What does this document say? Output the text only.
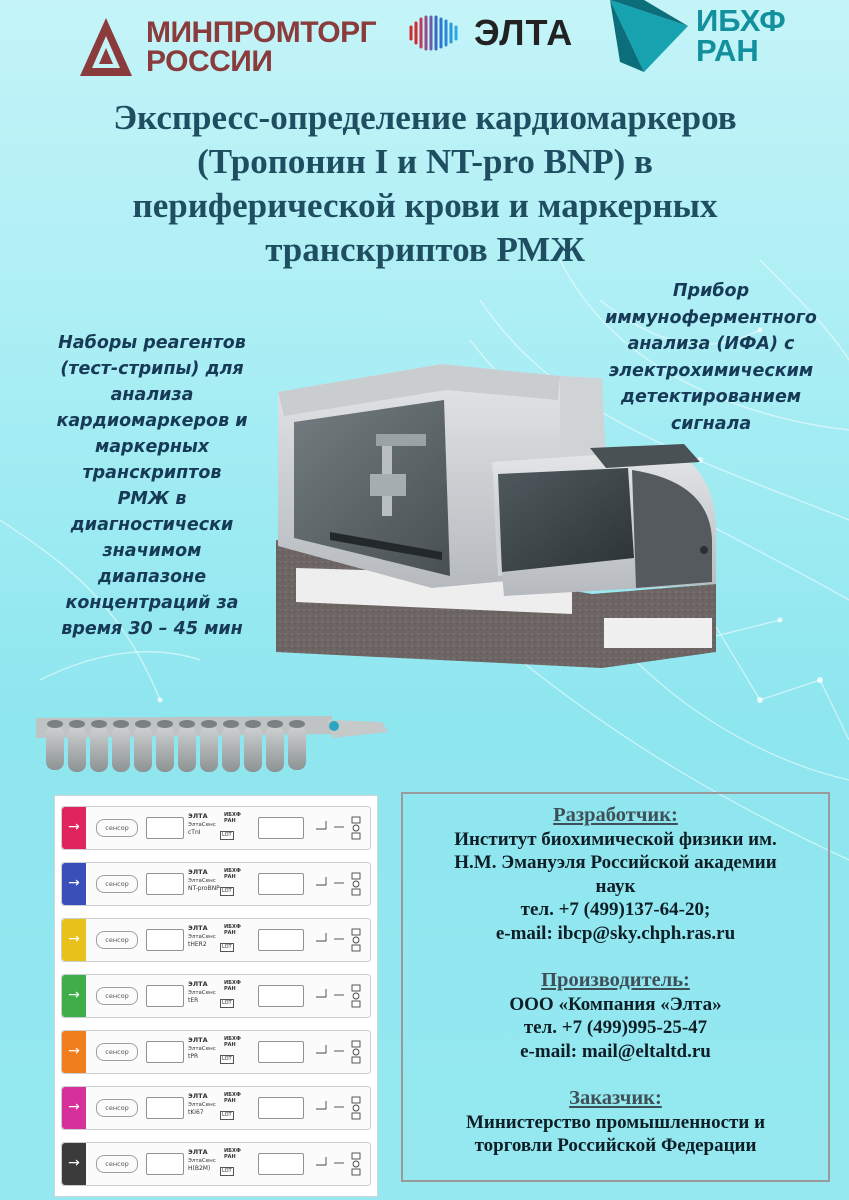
МИНПРОМТОРГ
РОССИИ
ЭЛТА	ИБХФ
РАН
Экспресс-определение кардиомаркеров
(Тропонин I и NT-pro BNP) в
периферической крови и маркерных
транскриптов РМЖ
Наборы реагентов
(тест-стрипы) для
анализа
кардиомаркеров и
маркерных
транскриптов
РМЖ в
диагностически
значимом
диапазоне
концентраций за
время 30 – 45 мин
Прибор
иммуноферментного
анализа (ИФА) с
электрохимическим
детектированием
сигнала
→	сенсор
ЭЛТА	ИБХФ РАН
ЭлтаСенс
cTnI	LOT
→	сенсор
ЭЛТА	ИБХФ РАН
ЭлтаСенс
NT-proBNP LOT
→	сенсор
ЭЛТА	ИБХФ РАН
ЭлтаСенс
tHER2	LOT
→	сенсор
ЭЛТА	ИБХФ РАН
ЭлтаСенс
tER	LOT
→	сенсор
ЭЛТА	ИБХФ РАН
ЭлтаСенс
tPR	LOT
→	сенсор
ЭЛТА	ИБХФ РАН
ЭлтаСенс
tKi67	LOT
→	сенсор
ЭЛТА	ИБХФ РАН
ЭлтаСенс
H(B2M)	LOT
Разработчик:
Институт биохимической физики им.
Н.М. Эмануэля Российской академии
наук
тел. +7 (499)137-64-20;
e-mail: ibcp@sky.chph.ras.ru
Производитель:
ООО «Компания «Элта»
тел. +7 (499)995-25-47
e-mail: mail@eltaltd.ru
Заказчик:
Министерство промышленности и
торговли Российской Федерации
